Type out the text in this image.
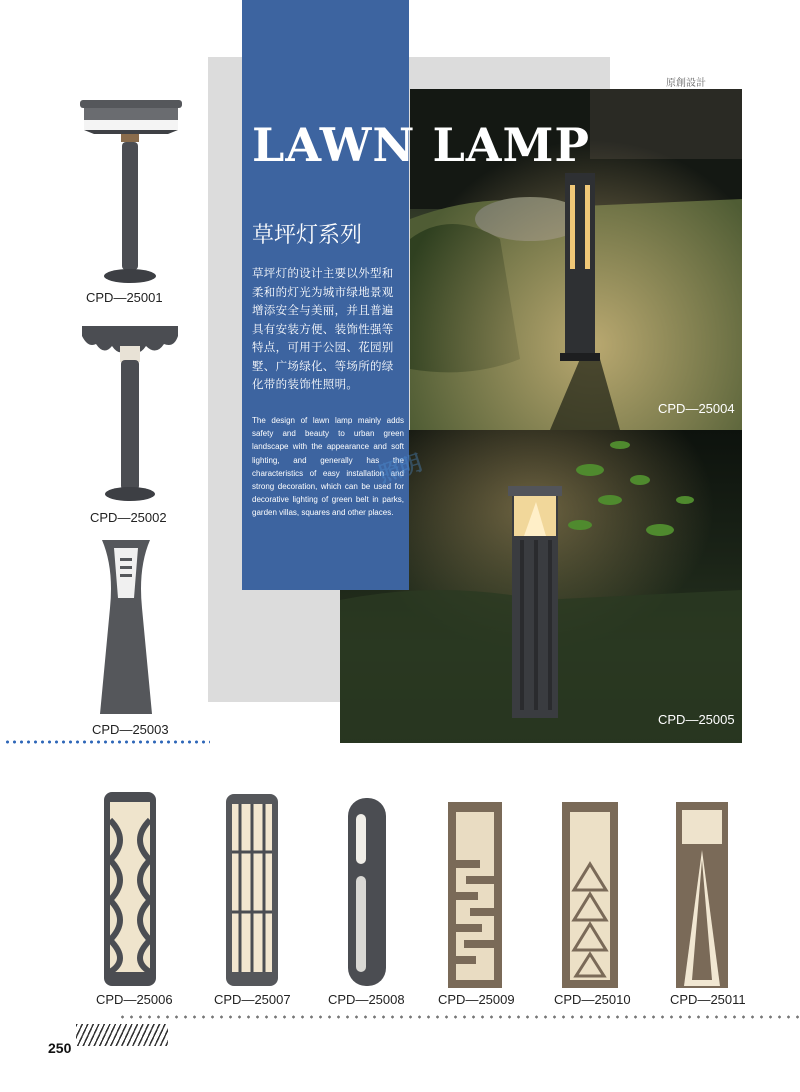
CPD—25004
CPD—25005
LAWN LAMP
草坪灯系列
草坪灯的设计主要以外型和柔和的灯光为城市绿地景观增添安全与美丽，并且普遍具有安装方便、装饰性强等特点，可用于公园、花园别墅、广场绿化、等场所的绿化带的装饰性照明。
The design of lawn lamp mainly adds safety and beauty to urban green landscape with the appearance and soft lighting, and generally has the characteristics of easy installation and strong decoration, which can be used for decorative lighting of green belt in parks, garden villas, squares and other places.
原創設計
照明
CPD—25001
CPD—25002
CPD—25003
CPD—25006	CPD—25007	CPD—25008	CPD—25009	CPD—25010	CPD—25011
250
